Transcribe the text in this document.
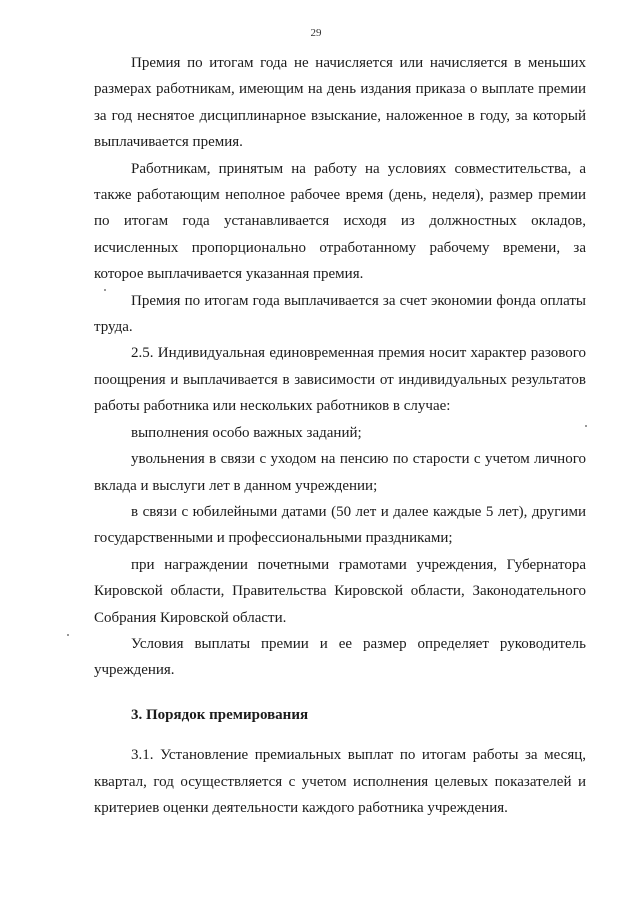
29

Премия по итогам года не начисляется или начисляется в меньших размерах работникам, имеющим на день издания приказа о выплате премии за год неснятое дисциплинарное взыскание, наложенное в году, за который выплачивается премия.

Работникам, принятым на работу на условиях совместительства, а также работающим неполное рабочее время (день, неделя), размер премии по итогам года устанавливается исходя из должностных окладов, исчисленных пропорционально отработанному рабочему времени, за которое выплачивается указанная премия.

Премия по итогам года выплачивается за счет экономии фонда оплаты труда.

2.5. Индивидуальная единовременная премия носит характер разового поощрения и выплачивается в зависимости от индивидуальных результатов работы работника или нескольких работников в случае:

выполнения особо важных заданий;

увольнения в связи с уходом на пенсию по старости с учетом личного вклада и выслуги лет в данном учреждении;

в связи с юбилейными датами (50 лет и далее каждые 5 лет), другими государственными и профессиональными праздниками;

при награждении почетными грамотами учреждения, Губернатора Кировской области, Правительства Кировской области, Законодательного Собрания Кировской области.

Условия выплаты премии и ее размер определяет руководитель учреждения.

3. Порядок премирования

3.1. Установление премиальных выплат по итогам работы за месяц, квартал, год осуществляется с учетом исполнения целевых показателей и критериев оценки деятельности каждого работника учреждения.
